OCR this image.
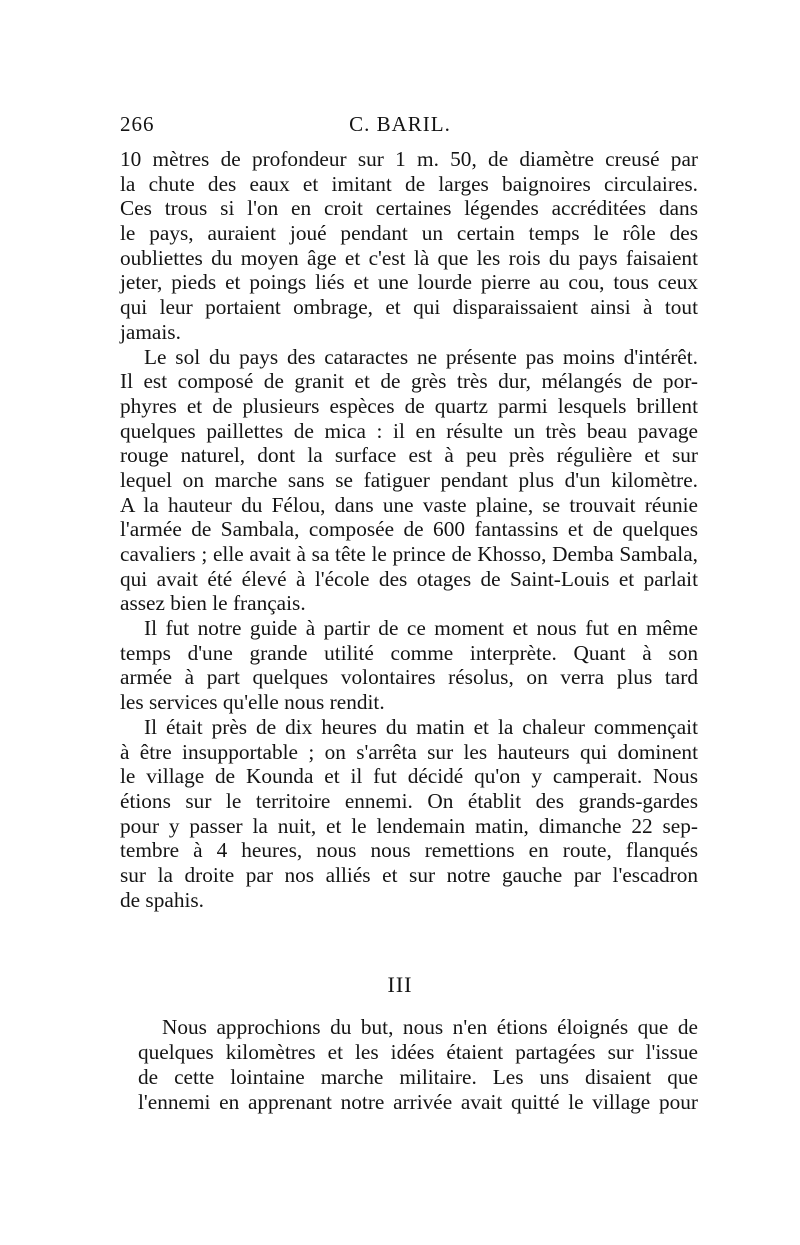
266	C. BARIL.
10 mètres de profondeur sur 1 m. 50, de diamètre creusé par
la chute des eaux et imitant de larges baignoires circulaires.
Ces trous si l'on en croit certaines légendes accréditées dans
le pays, auraient joué pendant un certain temps le rôle des
oubliettes du moyen âge et c'est là que les rois du pays faisaient
jeter, pieds et poings liés et une lourde pierre au cou, tous ceux
qui leur portaient ombrage, et qui disparaissaient ainsi à tout
jamais.
Le sol du pays des cataractes ne présente pas moins d'intérêt.
Il est composé de granit et de grès très dur, mélangés de por-
phyres et de plusieurs espèces de quartz parmi lesquels brillent
quelques paillettes de mica : il en résulte un très beau pavage
rouge naturel, dont la surface est à peu près régulière et sur
lequel on marche sans se fatiguer pendant plus d'un kilomètre.
A la hauteur du Félou, dans une vaste plaine, se trouvait réunie
l'armée de Sambala, composée de 600 fantassins et de quelques
cavaliers ; elle avait à sa tête le prince de Khosso, Demba Sambala,
qui avait été élevé à l'école des otages de Saint-Louis et parlait
assez bien le français.
Il fut notre guide à partir de ce moment et nous fut en même
temps d'une grande utilité comme interprète. Quant à son
armée à part quelques volontaires résolus, on verra plus tard
les services qu'elle nous rendit.
Il était près de dix heures du matin et la chaleur commençait
à être insupportable ; on s'arrêta sur les hauteurs qui dominent
le village de Kounda et il fut décidé qu'on y camperait. Nous
étions sur le territoire ennemi. On établit des grands-gardes
pour y passer la nuit, et le lendemain matin, dimanche 22 sep-
tembre à 4 heures, nous nous remettions en route, flanqués
sur la droite par nos alliés et sur notre gauche par l'escadron
de spahis.
III
Nous approchions du but, nous n'en étions éloignés que de
quelques kilomètres et les idées étaient partagées sur l'issue
de cette lointaine marche militaire. Les uns disaient que
l'ennemi en apprenant notre arrivée avait quitté le village pour
